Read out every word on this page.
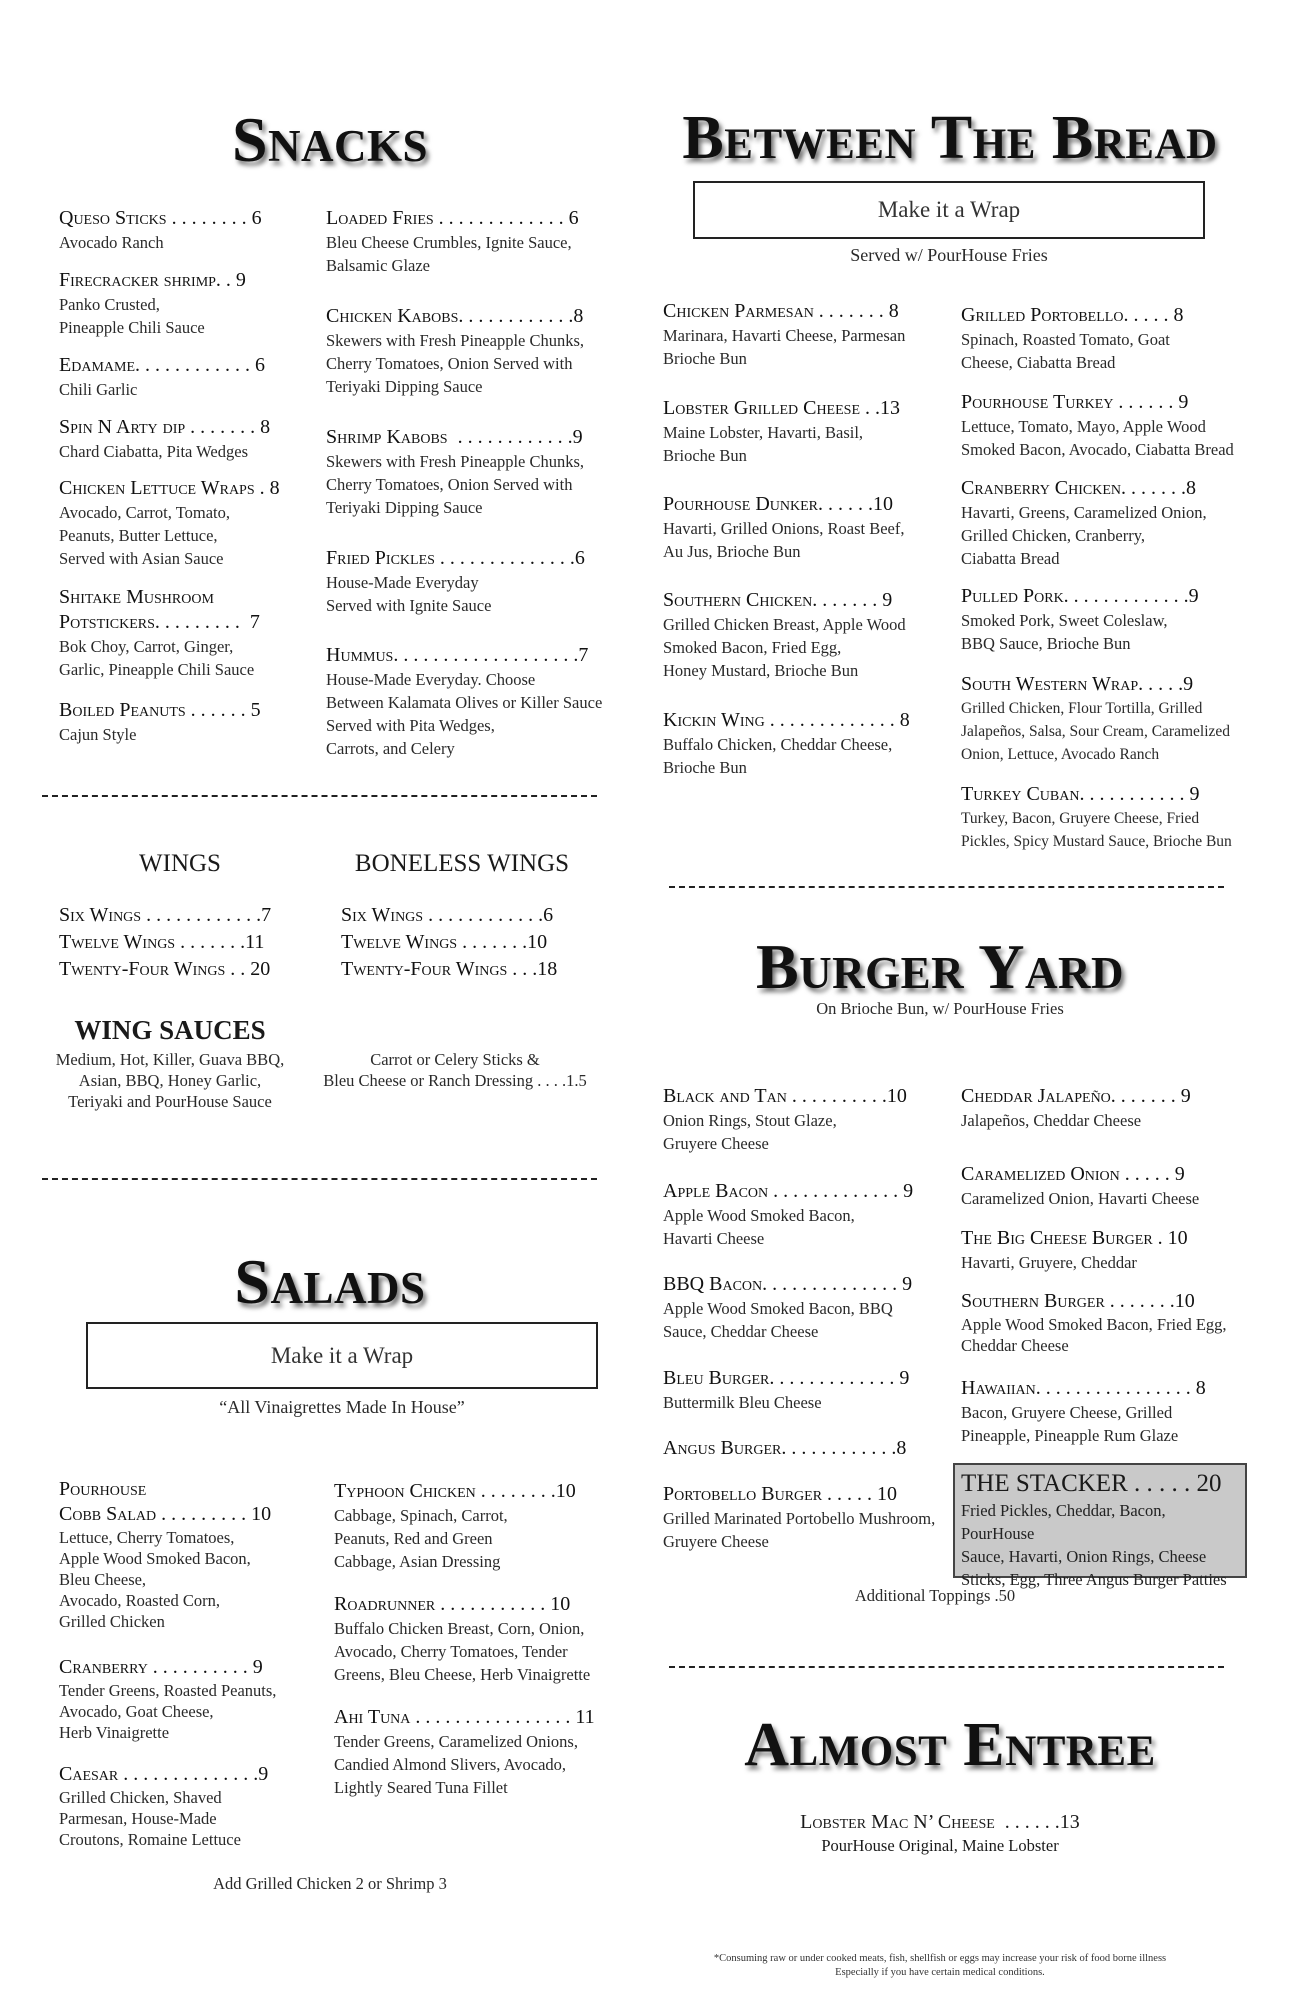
Snacks
Queso Sticks . . . . . . . . 6
Avocado Ranch
Firecracker shrimp. . 9
Panko Crusted,
Pineapple Chili Sauce
Edamame. . . . . . . . . . . . 6
Chili Garlic
Spin N Arty dip . . . . . . . 8
Chard Ciabatta, Pita Wedges
Chicken Lettuce Wraps . 8
Avocado, Carrot, Tomato,
Peanuts, Butter Lettuce,
Served with Asian Sauce
Shitake Mushroom
Potstickers. . . . . . . . .  7
Bok Choy, Carrot, Ginger,
Garlic, Pineapple Chili Sauce
Boiled Peanuts . . . . . . 5
Cajun Style
Loaded Fries . . . . . . . . . . . . . 6
Bleu Cheese Crumbles, Ignite Sauce,
Balsamic Glaze
Chicken Kabobs. . . . . . . . . . . .8
Skewers with Fresh Pineapple Chunks,
Cherry Tomatoes, Onion Served with
Teriyaki Dipping Sauce
Shrimp Kabobs  . . . . . . . . . . . .9
Skewers with Fresh Pineapple Chunks,
Cherry Tomatoes, Onion Served with
Teriyaki Dipping Sauce
Fried Pickles . . . . . . . . . . . . . .6
House-Made Everyday
Served with Ignite Sauce
Hummus. . . . . . . . . . . . . . . . . . .7
House-Made Everyday. Choose
Between Kalamata Olives or Killer Sauce
Served with Pita Wedges,
Carrots, and Celery
WINGS	BONELESS WINGS
Six Wings . . . . . . . . . . . .7
Twelve Wings . . . . . . .11
Twenty-Four Wings . . 20
Six Wings . . . . . . . . . . . .6
Twelve Wings . . . . . . .10
Twenty-Four Wings . . .18
WING SAUCES
Medium, Hot, Killer, Guava BBQ,
Asian, BBQ, Honey Garlic,
Teriyaki and PourHouse Sauce
Carrot or Celery Sticks &
Bleu Cheese or Ranch Dressing . . . .1.5
Salads
Make it a Wrap
“All Vinaigrettes Made In House”
Pourhouse
Cobb Salad . . . . . . . . . 10
Lettuce, Cherry Tomatoes,
Apple Wood Smoked Bacon,
Bleu Cheese,
Avocado, Roasted Corn,
Grilled Chicken
Cranberry . . . . . . . . . . 9
Tender Greens, Roasted Peanuts,
Avocado, Goat Cheese,
Herb Vinaigrette
Caesar . . . . . . . . . . . . . .9
Grilled Chicken, Shaved
Parmesan, House-Made
Croutons, Romaine Lettuce
Typhoon Chicken . . . . . . . .10
Cabbage, Spinach, Carrot,
Peanuts, Red and Green
Cabbage, Asian Dressing
Roadrunner . . . . . . . . . . . 10
Buffalo Chicken Breast, Corn, Onion,
Avocado, Cherry Tomatoes, Tender
Greens, Bleu Cheese, Herb Vinaigrette
Ahi Tuna . . . . . . . . . . . . . . . . 11
Tender Greens, Caramelized Onions,
Candied Almond Slivers, Avocado,
Lightly Seared Tuna Fillet
Add Grilled Chicken 2 or Shrimp 3
Between The Bread
Make it a Wrap
Served w/ PourHouse Fries
Chicken Parmesan . . . . . . . 8
Marinara, Havarti Cheese, Parmesan
Brioche Bun
Lobster Grilled Cheese . .13
Maine Lobster, Havarti, Basil,
Brioche Bun
Pourhouse Dunker. . . . . .10
Havarti, Grilled Onions, Roast Beef,
Au Jus, Brioche Bun
Southern Chicken. . . . . . . 9
Grilled Chicken Breast, Apple Wood
Smoked Bacon, Fried Egg,
Honey Mustard, Brioche Bun
Kickin Wing . . . . . . . . . . . . . 8
Buffalo Chicken, Cheddar Cheese,
Brioche Bun
Grilled Portobello. . . . . 8
Spinach, Roasted Tomato, Goat
Cheese, Ciabatta Bread
Pourhouse Turkey . . . . . . 9
Lettuce, Tomato, Mayo, Apple Wood
Smoked Bacon, Avocado, Ciabatta Bread
Cranberry Chicken. . . . . . .8
Havarti, Greens, Caramelized Onion,
Grilled Chicken, Cranberry,
Ciabatta Bread
Pulled Pork. . . . . . . . . . . . .9
Smoked Pork, Sweet Coleslaw,
BBQ Sauce, Brioche Bun
South Western Wrap. . . . .9
Grilled Chicken, Flour Tortilla, Grilled
Jalapeños, Salsa, Sour Cream, Caramelized
Onion, Lettuce, Avocado Ranch
Turkey Cuban. . . . . . . . . . . 9
Turkey, Bacon, Gruyere Cheese, Fried
Pickles, Spicy Mustard Sauce, Brioche Bun
Burger Yard
On Brioche Bun, w/ PourHouse Fries
Black and Tan . . . . . . . . . .10
Onion Rings, Stout Glaze,
Gruyere Cheese
Apple Bacon . . . . . . . . . . . . . 9
Apple Wood Smoked Bacon,
Havarti Cheese
BBQ Bacon. . . . . . . . . . . . . . 9
Apple Wood Smoked Bacon, BBQ
Sauce, Cheddar Cheese
Bleu Burger. . . . . . . . . . . . . 9
Buttermilk Bleu Cheese
Angus Burger. . . . . . . . . . . .8
Portobello Burger . . . . . 10
Grilled Marinated Portobello Mushroom,
Gruyere Cheese
Cheddar Jalapeño. . . . . . . 9
Jalapeños, Cheddar Cheese
Caramelized Onion . . . . . 9
Caramelized Onion, Havarti Cheese
The Big Cheese Burger . 10
Havarti, Gruyere, Cheddar
Southern Burger . . . . . . .10
Apple Wood Smoked Bacon, Fried Egg,
Cheddar Cheese
Hawaiian. . . . . . . . . . . . . . . . 8
Bacon, Gruyere Cheese, Grilled
Pineapple, Pineapple Rum Glaze
THE STACKER . . . . . 20
Fried Pickles, Cheddar, Bacon, PourHouse
Sauce, Havarti, Onion Rings, Cheese
Sticks, Egg, Three Angus Burger Patties
Additional Toppings .50
Almost Entree
Lobster Mac N’ Cheese  . . . . . .13
PourHouse Original, Maine Lobster
*Consuming raw or under cooked meats, fish, shellfish or eggs may increase your risk of food borne illness
Especially if you have certain medical conditions.
